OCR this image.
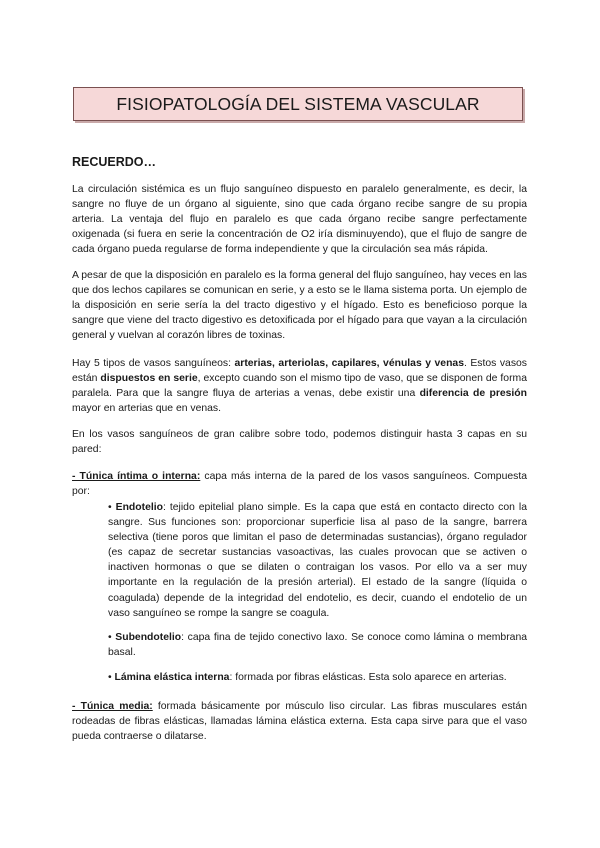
FISIOPATOLOGÍA DEL SISTEMA VASCULAR
RECUERDO…
La circulación sistémica es un flujo sanguíneo dispuesto en paralelo generalmente, es decir, la sangre no fluye de un órgano al siguiente, sino que cada órgano recibe sangre de su propia arteria. La ventaja del flujo en paralelo es que cada órgano recibe sangre perfectamente oxigenada (si fuera en serie la concentración de O2 iría disminuyendo), que el flujo de sangre de cada órgano pueda regularse de forma independiente y que la circulación sea más rápida.
A pesar de que la disposición en paralelo es la forma general del flujo sanguíneo, hay veces en las que dos lechos capilares se comunican en serie, y a esto se le llama sistema porta. Un ejemplo de la disposición en serie sería la del tracto digestivo y el hígado. Esto es beneficioso porque la sangre que viene del tracto digestivo es detoxificada por el hígado para que vayan a la circulación general y vuelvan al corazón libres de toxinas.
Hay 5 tipos de vasos sanguíneos: arterias, arteriolas, capilares, vénulas y venas. Estos vasos están dispuestos en serie, excepto cuando son el mismo tipo de vaso, que se disponen de forma paralela. Para que la sangre fluya de arterias a venas, debe existir una diferencia de presión mayor en arterias que en venas.
En los vasos sanguíneos de gran calibre sobre todo, podemos distinguir hasta 3 capas en su pared:
- Túnica íntima o interna: capa más interna de la pared de los vasos sanguíneos. Compuesta por:
• Endotelio: tejido epitelial plano simple. Es la capa que está en contacto directo con la sangre. Sus funciones son: proporcionar superficie lisa al paso de la sangre, barrera selectiva (tiene poros que limitan el paso de determinadas sustancias), órgano regulador (es capaz de secretar sustancias vasoactivas, las cuales provocan que se activen o inactiven hormonas o que se dilaten o contraigan los vasos. Por ello va a ser muy importante en la regulación de la presión arterial). El estado de la sangre (líquida o coagulada) depende de la integridad del endotelio, es decir, cuando el endotelio de un vaso sanguíneo se rompe la sangre se coagula.
• Subendotelio: capa fina de tejido conectivo laxo. Se conoce como lámina o membrana basal.
• Lámina elástica interna: formada por fibras elásticas. Esta solo aparece en arterias.
- Túnica media: formada básicamente por músculo liso circular. Las fibras musculares están rodeadas de fibras elásticas, llamadas lámina elástica externa. Esta capa sirve para que el vaso pueda contraerse o dilatarse.
